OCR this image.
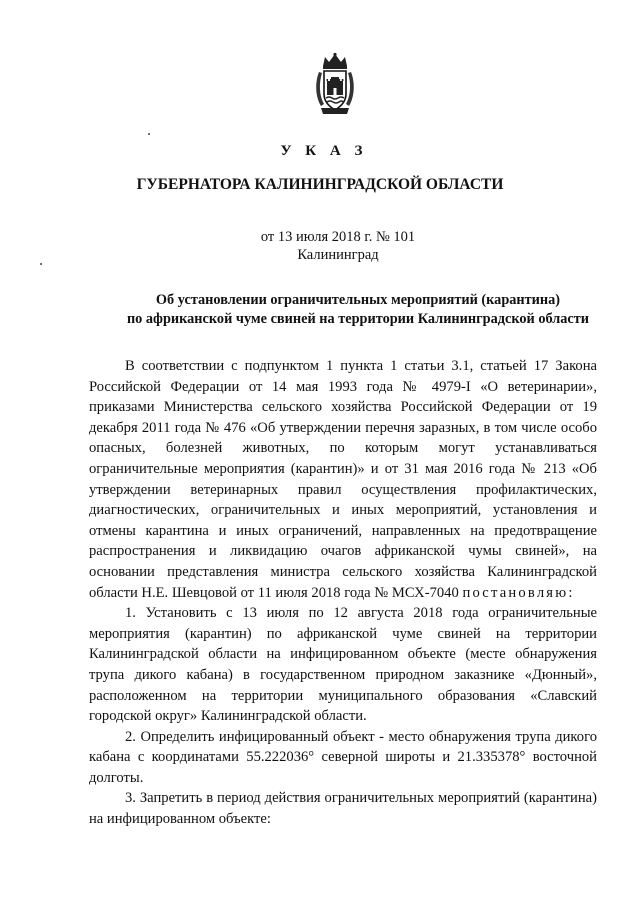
У К А З
ГУБЕРНАТОРА КАЛИНИНГРАДСКОЙ ОБЛАСТИ
от 13 июля 2018 г. № 101
Калининград
Об установлении ограничительных мероприятий (карантина)
по африканской чуме свиней на территории Калининградской области

В соответствии с подпунктом 1 пункта 1 статьи 3.1, статьей 17 Закона Российской Федерации от 14 мая 1993 года № 4979-I «О ветеринарии», приказами Министерства сельского хозяйства Российской Федерации от 19 декабря 2011 года № 476 «Об утверждении перечня заразных, в том числе особо опасных, болезней животных, по которым могут устанавливаться ограничительные мероприятия (карантин)» и от 31 мая 2016 года № 213 «Об утверждении ветеринарных правил осуществления профилактических, диагностических, ограничительных и иных мероприятий, установления и отмены карантина и иных ограничений, направленных на предотвращение распространения и ликвидацию очагов африканской чумы свиней», на основании представления министра сельского хозяйства Калининградской области Н.Е. Шевцовой от 11 июля 2018 года № МСХ-7040 постановляю:

1. Установить с 13 июля по 12 августа 2018 года ограничительные мероприятия (карантин) по африканской чуме свиней на территории Калининградской области на инфицированном объекте (месте обнаружения трупа дикого кабана) в государственном природном заказнике «Дюнный», расположенном на территории муниципального образования «Славский городской округ» Калининградской области.

2. Определить инфицированный объект - место обнаружения трупа дикого кабана с координатами 55.222036° северной широты и 21.335378° восточной долготы.

3. Запретить в период действия ограничительных мероприятий (карантина) на инфицированном объекте:
